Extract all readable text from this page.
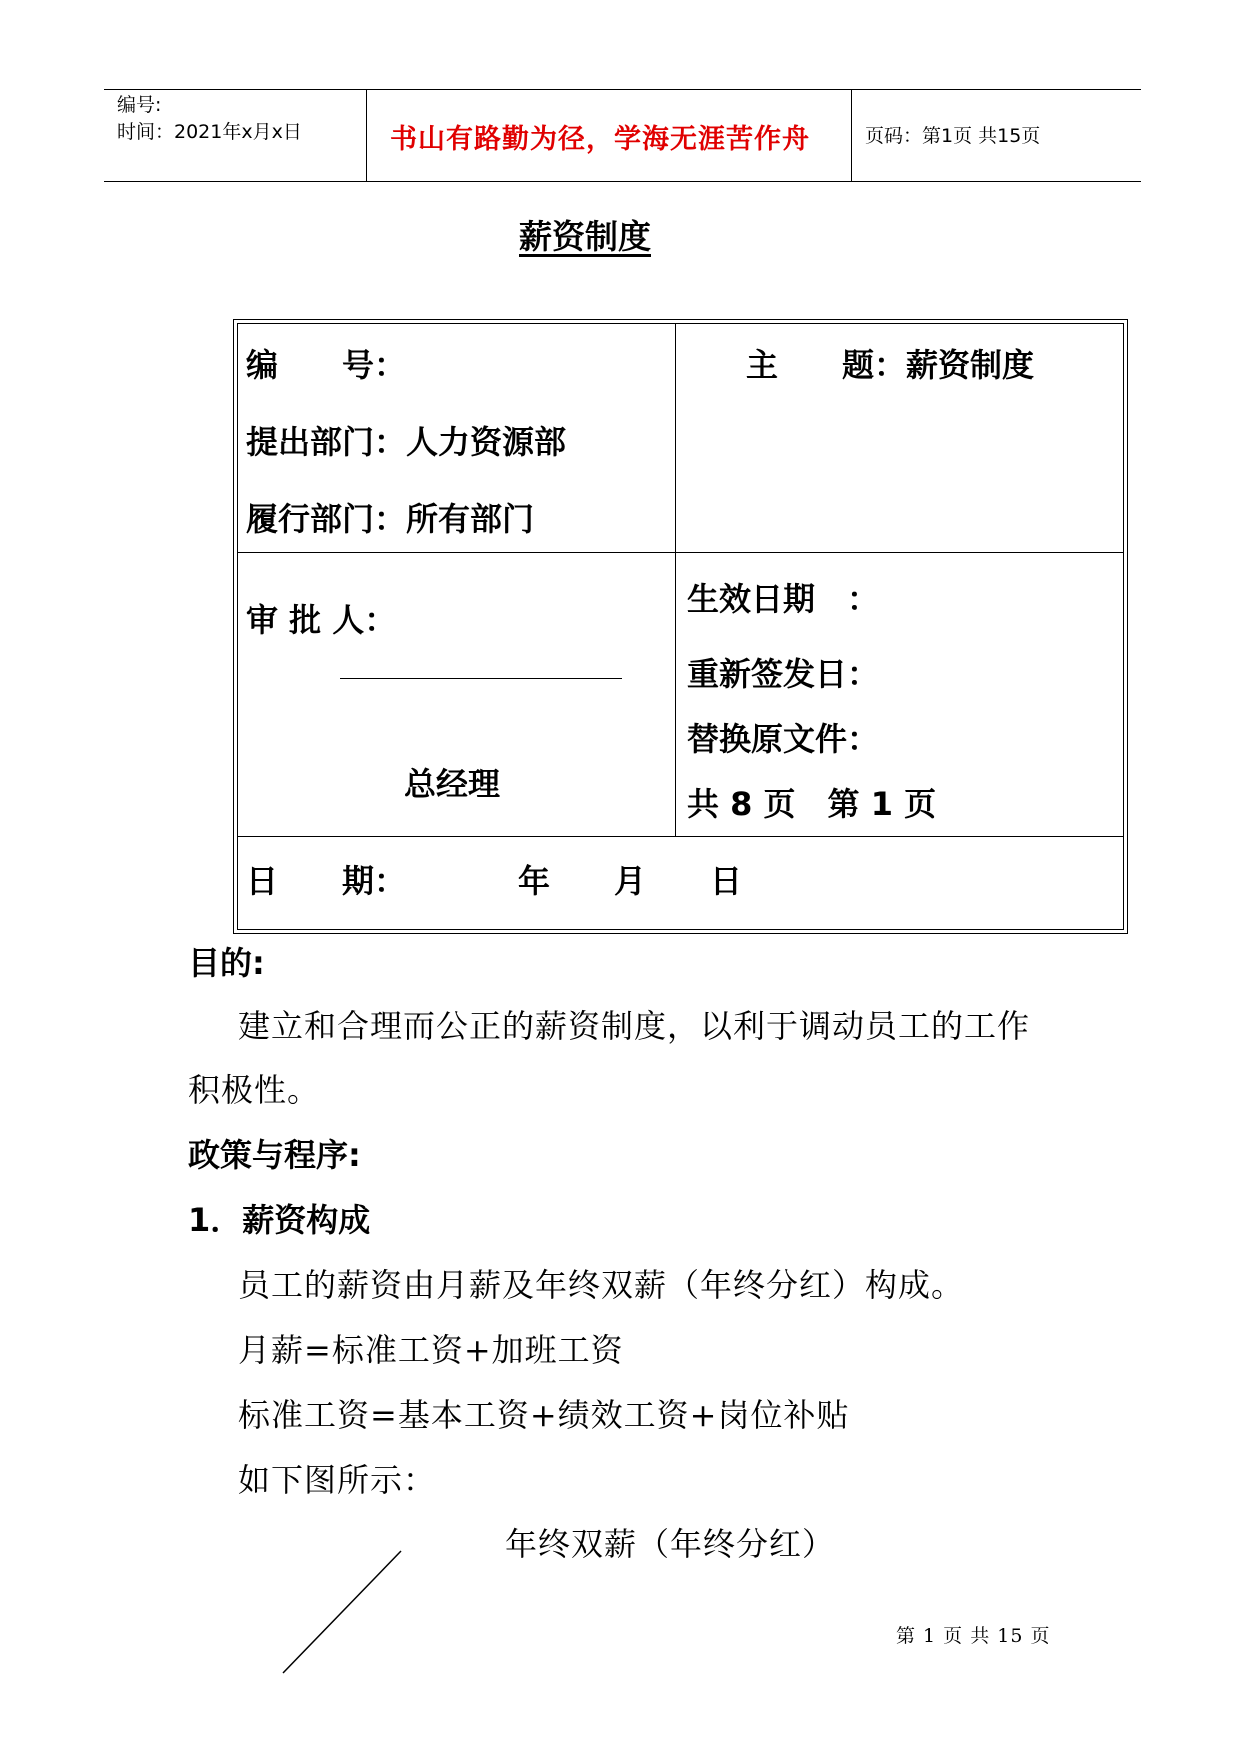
编号:
时间：2021年x月x日	书山有路勤为径，学海无涯苦作舟	页码：第1页 共15页
薪资制度
编　　号：	主　　题：薪资制度
提出部门：人力资源部
履行部门：所有部门
审 批 人：
总经理
生效日期　：
重新签发日：
替换原文件：
共 8 页　第 1 页
日　　期：　　　　年　　月　　日
目的:
建立和合理而公正的薪资制度，以利于调动员工的工作
积极性。
政策与程序:
1．薪资构成
员工的薪资由月薪及年终双薪（年终分红）构成。
月薪=标准工资+加班工资
标准工资=基本工资+绩效工资+岗位补贴
如下图所示：
年终双薪（年终分红）
第 1 页 共 15 页
